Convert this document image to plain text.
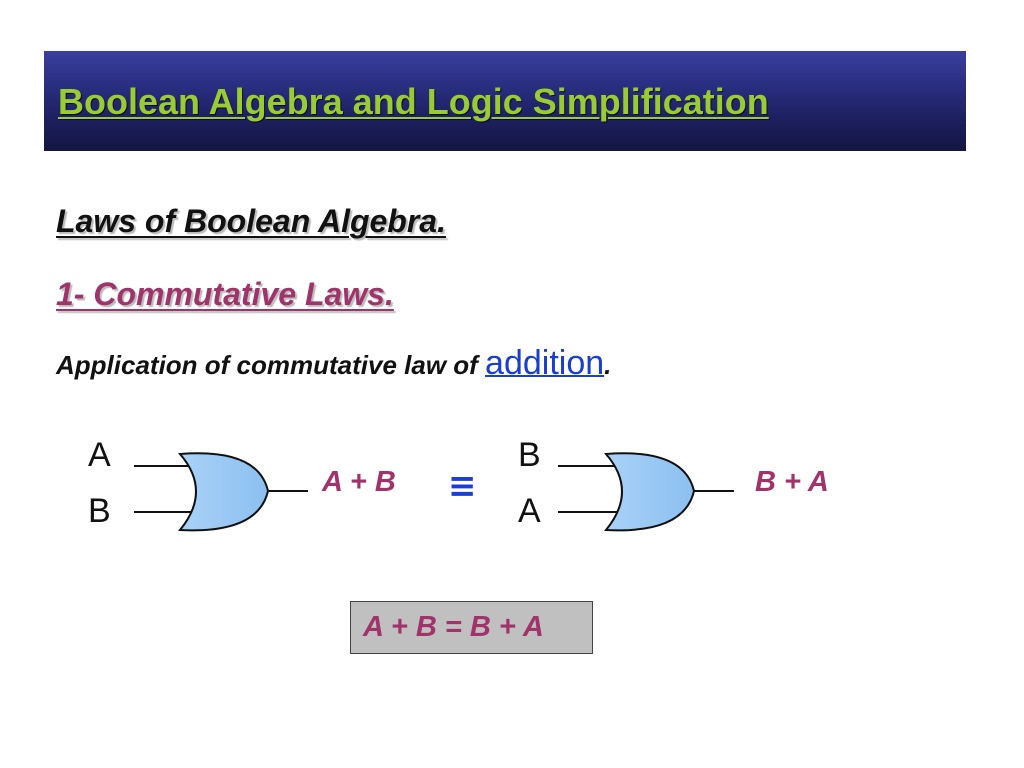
Boolean Algebra and Logic Simplification
Laws of Boolean Algebra.
1- Commutative Laws.
Application of commutative law of addition.
A
B
A + B ≡
B
A
B + A
A + B = B + A
